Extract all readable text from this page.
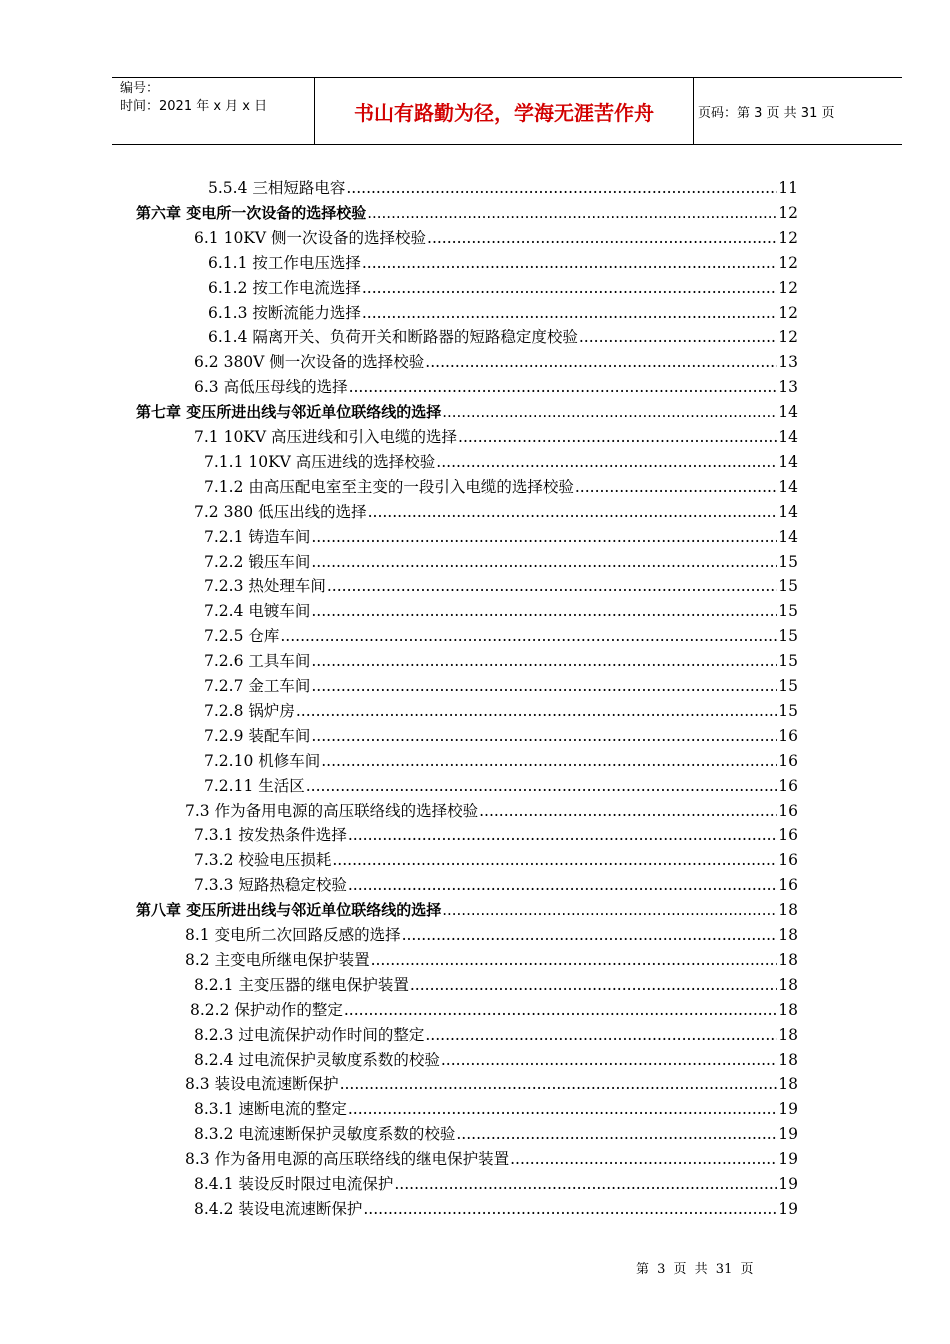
编号：
时间：2021 年 x 月 x 日	书山有路勤为径，学海无涯苦作舟	页码：第 3 页 共 31 页
5.5.4 三相短路电容 .....	11
第六章 变电所一次设备的选择校验 .....	12
6.1 10KV 侧一次设备的选择校验 .....	12
6.1.1 按工作电压选择 .....	12
6.1.2 按工作电流选择 .....	12
6.1.3 按断流能力选择 .....	12
6.1.4 隔离开关、负荷开关和断路器的短路稳定度校验 .....	12
6.2 380V 侧一次设备的选择校验 .....	13
6.3 高低压母线的选择 .....	13
第七章 变压所进出线与邻近单位联络线的选择 .....	14
7.1 10KV 高压进线和引入电缆的选择 .....	14
7.1.1 10KV 高压进线的选择校验 .....	14
7.1.2 由高压配电室至主变的一段引入电缆的选择校验 .....	14
7.2 380 低压出线的选择 .....	14
7.2.1 铸造车间 .....	14
7.2.2 锻压车间 .....	15
7.2.3 热处理车间 .....	15
7.2.4 电镀车间 .....	15
7.2.5 仓库 .....	15
7.2.6 工具车间 .....	15
7.2.7 金工车间 .....	15
7.2.8 锅炉房 .....	15
7.2.9 装配车间 .....	16
7.2.10 机修车间 .....	16
7.2.11 生活区 .....	16
7.3 作为备用电源的高压联络线的选择校验 .....	16
7.3.1 按发热条件选择 .....	16
7.3.2 校验电压损耗 .....	16
7.3.3 短路热稳定校验 .....	16
第八章 变压所进出线与邻近单位联络线的选择 .....	18
8.1 变电所二次回路反感的选择 .....	18
8.2 主变电所继电保护装置 .....	18
8.2.1 主变压器的继电保护装置 .....	18
8.2.2 保护动作的整定 .....	18
8.2.3 过电流保护动作时间的整定 .....	18
8.2.4 过电流保护灵敏度系数的校验 .....	18
8.3 装设电流速断保护 .....	18
8.3.1 速断电流的整定 .....	19
8.3.2 电流速断保护灵敏度系数的校验 .....	19
8.3 作为备用电源的高压联络线的继电保护装置 .....	19
8.4.1 装设反时限过电流保护 .....	19
8.4.2 装设电流速断保护 .....	19
第 3 页 共 31 页
